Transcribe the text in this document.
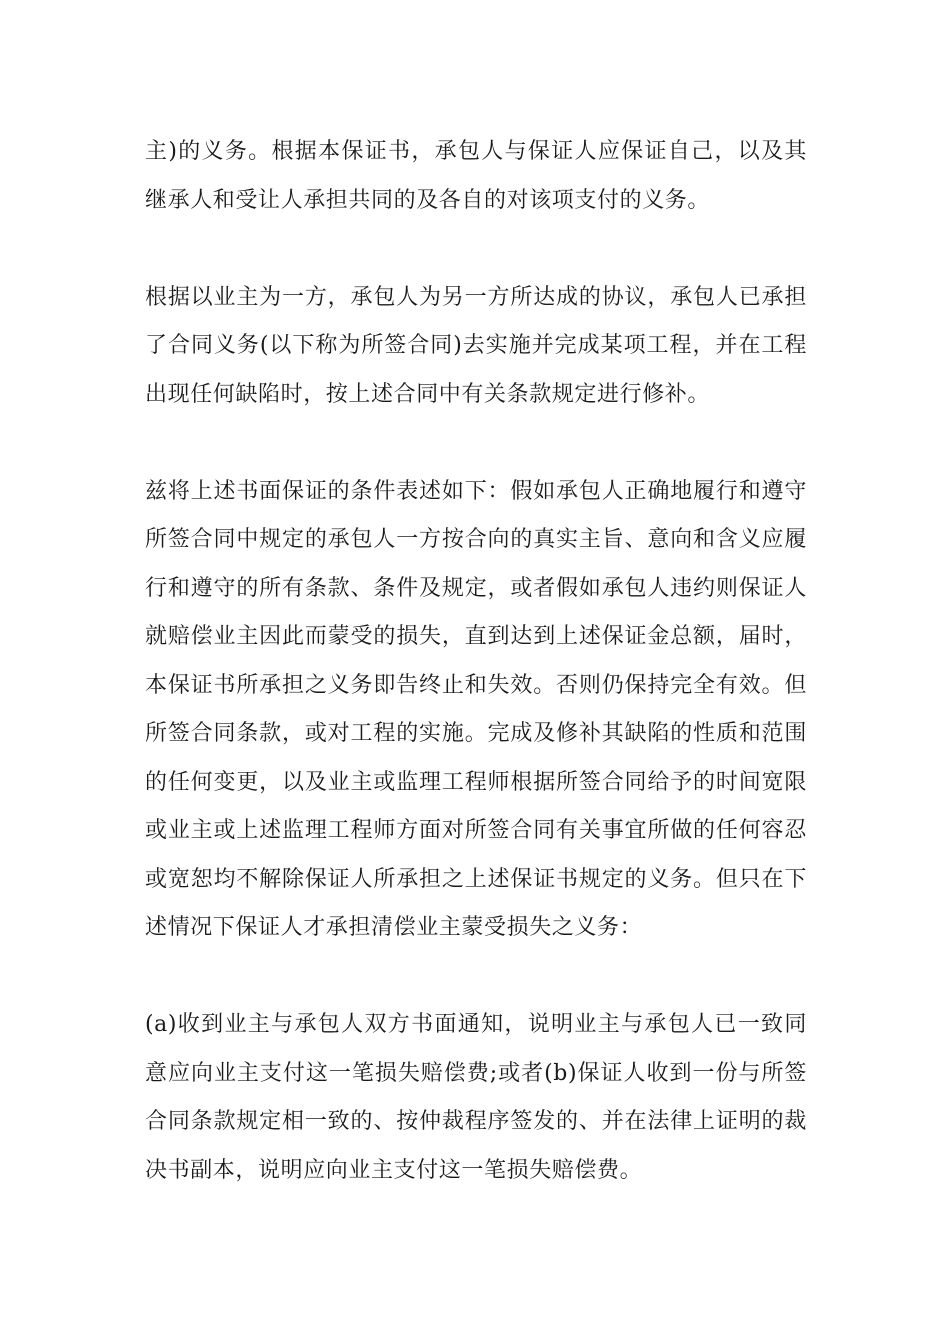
主)的义务。根据本保证书，承包人与保证人应保证自己，以及其继承人和受让人承担共同的及各自的对该项支付的义务。

根据以业主为一方，承包人为另一方所达成的协议，承包人已承担了合同义务(以下称为所签合同)去实施并完成某项工程，并在工程出现任何缺陷时，按上述合同中有关条款规定进行修补。

兹将上述书面保证的条件表述如下：假如承包人正确地履行和遵守所签合同中规定的承包人一方按合向的真实主旨、意向和含义应履行和遵守的所有条款、条件及规定，或者假如承包人违约则保证人就赔偿业主因此而蒙受的损失，直到达到上述保证金总额，届时，本保证书所承担之义务即告终止和失效。否则仍保持完全有效。但所签合同条款，或对工程的实施。完成及修补其缺陷的性质和范围的任何变更，以及业主或监理工程师根据所签合同给予的时间宽限或业主或上述监理工程师方面对所签合同有关事宜所做的任何容忍或宽恕均不解除保证人所承担之上述保证书规定的义务。但只在下述情况下保证人才承担清偿业主蒙受损失之义务：

(a)收到业主与承包人双方书面通知，说明业主与承包人已一致同意应向业主支付这一笔损失赔偿费;或者(b)保证人收到一份与所签合同条款规定相一致的、按仲裁程序签发的、并在法律上证明的裁决书副本，说明应向业主支付这一笔损失赔偿费。
